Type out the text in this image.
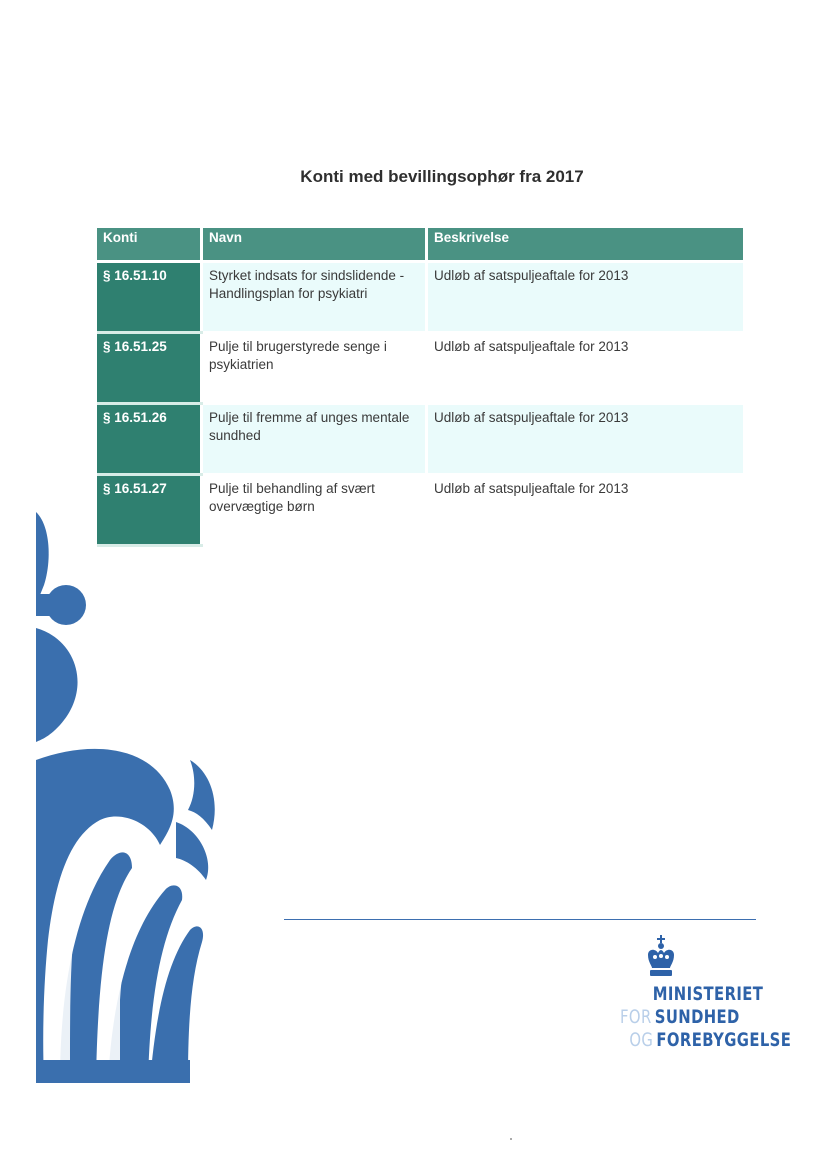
Konti med bevillingsophør fra 2017
Konti	Navn	Beskrivelse
§ 16.51.10	Styrket indsats for sindslidende - Handlingsplan for psykiatri	Udløb af satspuljeaftale for 2013
§ 16.51.25	Pulje til brugerstyrede senge i psykiatrien	Udløb af satspuljeaftale for 2013
§ 16.51.26	Pulje til fremme af unges mentale sundhed	Udløb af satspuljeaftale for 2013
§ 16.51.27	Pulje til behandling af svært overvægtige børn	Udløb af satspuljeaftale for 2013
MINISTERIET
FOR SUNDHED
OG FOREBYGGELSE
